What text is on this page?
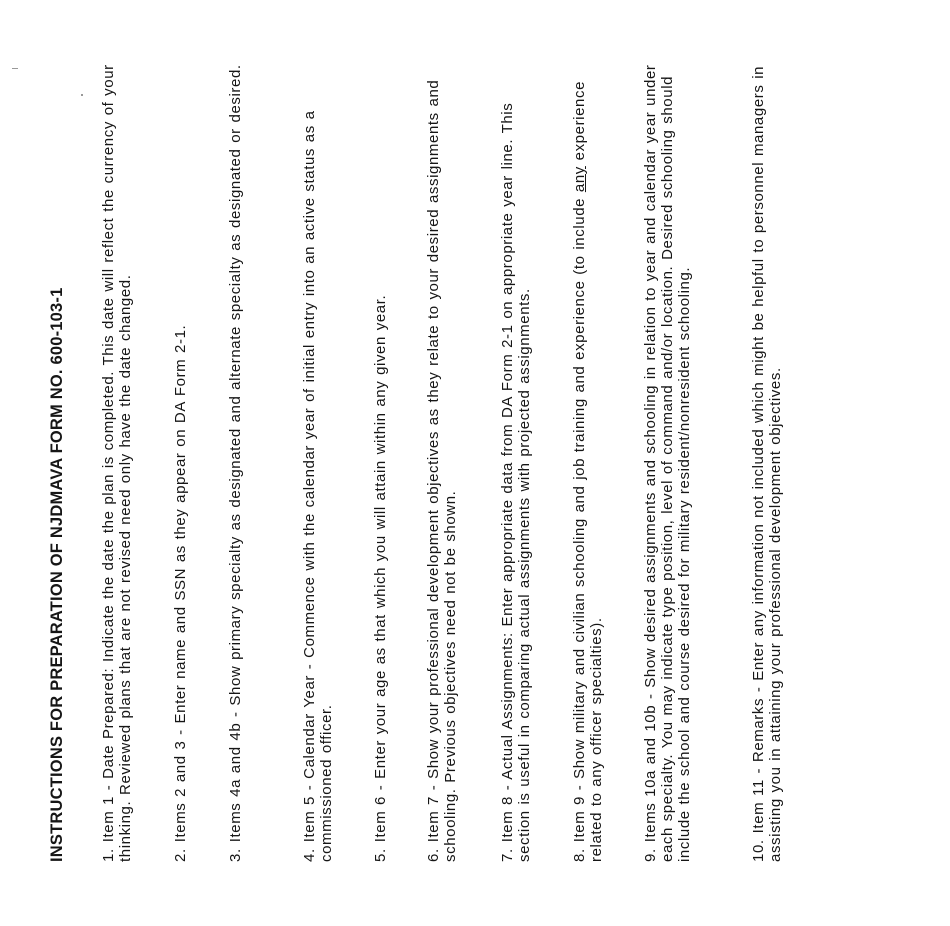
INSTRUCTIONS FOR PREPARATION OF NJDMAVA FORM NO. 600-103-1 1.Item 1 - Date Prepared: Indicate the date the plan is completed. This date will reflect the currency of your thinking. Reviewed plans that are not revised need only have the date changed.	2.Items 2 and 3 - Enter name and SSN as they appear on DA Form 2-1.
3.Items 4a and 4b - Show primary specialty as designated and alternate specialty as designated or desired.
4.Item 5 - Calendar Year - Commence with the calendar year of initial entry into an active status as a commissioned officer. 5.Item 6 - Enter your age as that which you will attain within any given year.
6.Item 7 - Show your professional development objectives as they relate to your desired assignments and schooling. Previous objectives need not be shown.	7.Item 8 - Actual Assignments: Enter appropriate data from DA Form 2-1 on appropriate year line. This section is useful in comparing actual assignments with projected assignments.	8.Item 9 - Show military and civilian schooling and job training and experience (to include any experience related to any officer specialties). 9.Items 10a and 10b - Show desired assignments and schooling in relation to year and calendar year under each specialty. You may indicate type position, level of command and/or location. Desired schooling should include the school and course desired for military resident/nonresident schooling.	10.Item 11 - Remarks - Enter any information not included which might be helpful to personnel managers in assisting you in attaining your professional development objectives.
